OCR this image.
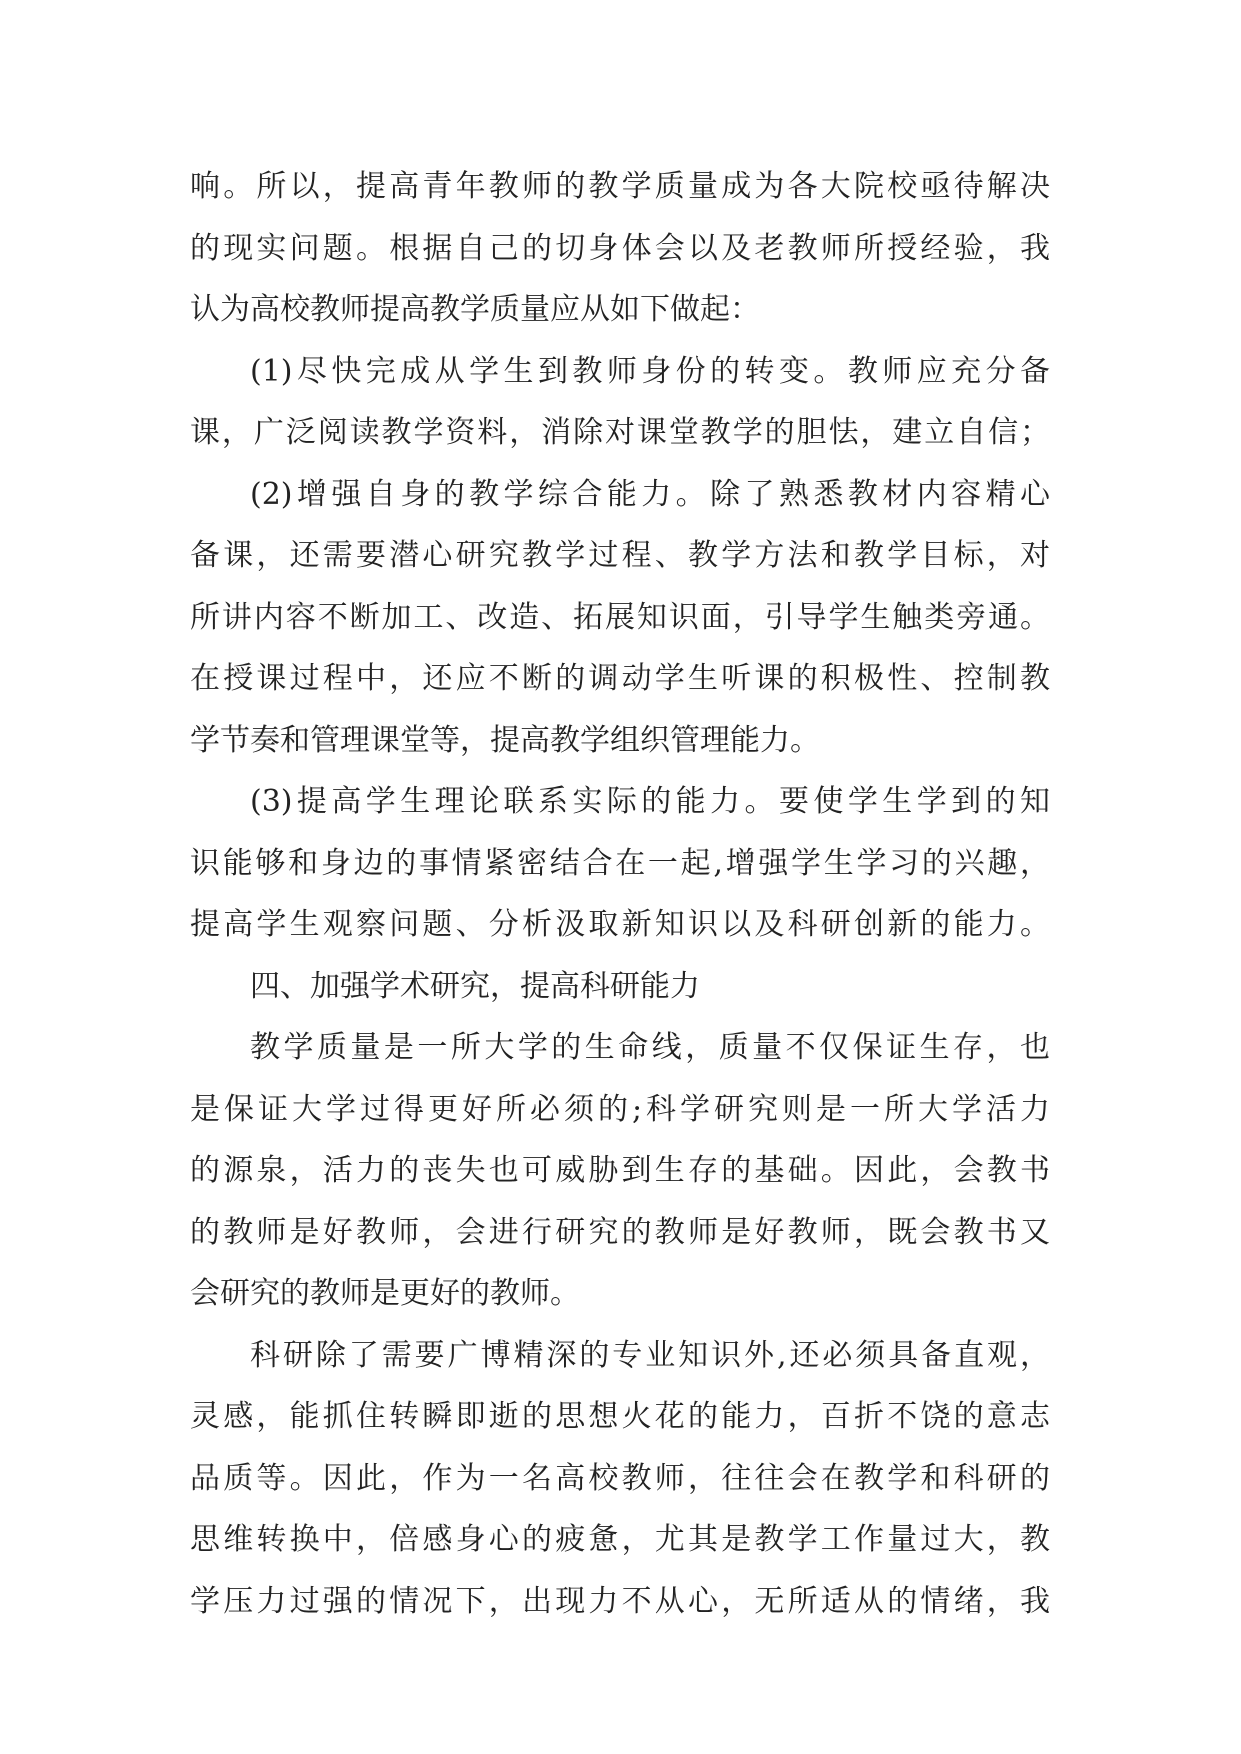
响。所以，提高青年教师的教学质量成为各大院校亟待解决
的现实问题。根据自己的切身体会以及老教师所授经验，我
认为高校教师提高教学质量应从如下做起：
(1)尽快完成从学生到教师身份的转变。教师应充分备
课，广泛阅读教学资料，消除对课堂教学的胆怯，建立自信；
(2)增强自身的教学综合能力。除了熟悉教材内容精心
备课，还需要潜心研究教学过程、教学方法和教学目标，对
所讲内容不断加工、改造、拓展知识面，引导学生触类旁通。
在授课过程中，还应不断的调动学生听课的积极性、控制教
学节奏和管理课堂等，提高教学组织管理能力。
(3)提高学生理论联系实际的能力。要使学生学到的知
识能够和身边的事情紧密结合在一起,增强学生学习的兴趣，
提高学生观察问题、分析汲取新知识以及科研创新的能力。
四、加强学术研究，提高科研能力
教学质量是一所大学的生命线，质量不仅保证生存，也
是保证大学过得更好所必须的;科学研究则是一所大学活力
的源泉，活力的丧失也可威胁到生存的基础。因此，会教书
的教师是好教师，会进行研究的教师是好教师，既会教书又
会研究的教师是更好的教师。
科研除了需要广博精深的专业知识外,还必须具备直观，
灵感，能抓住转瞬即逝的思想火花的能力，百折不饶的意志
品质等。因此，作为一名高校教师，往往会在教学和科研的
思维转换中，倍感身心的疲惫，尤其是教学工作量过大，教
学压力过强的情况下，出现力不从心，无所适从的情绪，我
